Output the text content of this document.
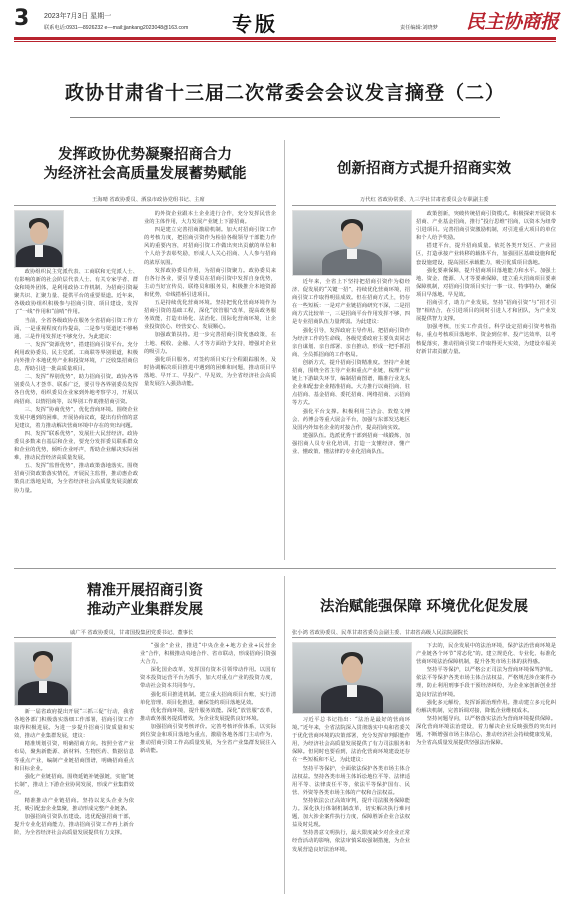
3 2023年7月3日 星期一
联系电话:0931—8926232 e—mail:jjankang2023048@163.com 专版	责任编辑:刘晓梦 民主协商报
政协甘肃省十三届二次常委会会议发言摘登（二）
发挥政协优势凝聚招商合力
为经济社会高质量发展蓄势赋能
王海晴 省政协委员、酒泉市政协党组书记、主席
政协组织民主党派代表、工商联和无党派人士、有影响的新的社会阶层代表人士、有关专家学者、群众和境外团体，是利用政协工作机制、为招商引资凝聚共识、汇聚力量、提供平台的重要渠道。近年来，各级政协组织积极参与招商引资、项目建设，发挥了“一线”作用和“前哨”作用。
当前，全省各级政协在服务全省招商引资工作方面，一是重视程度有待提高，二是参与渠道还不够畅通，三是作用发挥还不够充分。为此建议：
一、发挥“资源优势”，搭建招商引资平台。充分利用政协委员、民主党派、工商联等界别渠道，积极向外推介本地优势产业和投资环境，广泛收集招商信息，帮助引进一批高质量项目。
二、发挥“界别优势”，助力招商引资。政协各界别委员人才荟萃、联系广泛，要引导各界别委员发挥各自优势，组织委员企业家到外地考察学习，开展以商招商、以情招商等，以界别工作助推招商引资。
三、发挥“协商优势”，优化营商环境。围绕企业发展中遇到的困难，开展协商议政，提出有价值的意见建议，着力推动解决营商环境中存在的突出问题。
四、发挥“联系优势”，发展壮大民营经济。政协委员多数来自基层和企业，要充分发挥委员联系群众和企业的优势，倾听企业呼声，帮助企业解决实际困难，推动民营经济高质量发展。
五、发挥“监督优势”，推动政策落地落实。围绕招商引资政策落实情况，开展民主监督，推动惠企政策真正落地见效，为全省经济社会高质量发展贡献政协力量。
的外资企业跟本土企业进行合作，充分发挥民营企业的主体作用，大力发展产业链上下游招商。
四是建立完善招商激励机制。加大对招商引资工作的考核力度，把招商引资作为检验各级领导干部能力作风的重要内容，对招商引资工作做出突出贡献的单位和个人给予表彰奖励，形成人人关心招商、人人参与招商的浓厚氛围。
发挥政协委员作用，为招商引资聚力。政协委员来自各行各业，要引导委员在招商引资中发挥自身优势，主动当好宣传员、联络员和服务员，积极推介本地资源和优势，牵线搭桥引进项目。
五是持续优化营商环境。坚持把优化营商环境作为招商引资的基础工程，深化“放管服”改革，提高政务服务效能，打造市场化、法治化、国际化营商环境，让企业投资放心、经营安心、发展顺心。
加强政策扶持。进一步完善招商引资优惠政策，在土地、税收、金融、人才等方面给予支持，增强对企业的吸引力。
强化项目服务。对签约项目实行全程跟踪服务，及时协调解决项目推进中遇到的困难和问题，推动项目早落地、早开工、早投产、早见效，为全省经济社会高质量发展注入强劲动能。
创新招商方式提升招商实效
万代红 省政协常委、九三学社甘肃省委员会专职副主委
近年来，全省上下坚持把招商引资作为稳经济、促发展的“关键一招”，持续优化营商环境，招商引资工作取得明显成效。但在招商方式上，仍存在一些短板：一是对产业链招商研究不深，二是招商方式比较单一，三是招商平台作用发挥不够，四是专业招商队伍力量薄弱。为此建议：
强化引导，发挥政府主导作用。把招商引资作为经济工作的生命线，各级党委政府主要负责同志亲自谋划、亲自部署、亲自推动，形成一把手抓招商、全员抓招商的工作格局。
创新方式，提升招商引资精准度。坚持产业链招商，围绕全省主导产业和重点产业链，梳理产业链上下游缺失环节，编制招商图谱，瞄准行业龙头企业和配套企业精准招商。大力推行以商招商、驻点招商、基金招商、委托招商、网络招商、云招商等方式。
强化平台支撑。积极利用兰洽会、敦煌文博会、药博会等重大展会平台，加强与东部发达地区及国内外知名企业的对接合作，提高招商实效。
建强队伍。选派优秀干部到招商一线锻炼，加强招商人员专业化培训，打造一支懂经济、懂产业、懂政策、懂法律的专业化招商队伍。
政策创新，突破传统招商引资模式。积极探索开展资本招商、产业基金招商，推行“投行思维”招商，以资本为纽带引进项目。完善招商引资激励机制，对引进重大项目的单位和个人给予奖励。
搭建平台，提升招商质量。依托各类开发区、产业园区，打造承接产业转移的载体平台，加强园区基础设施和配套设施建设，提高园区承载能力，吸引优质项目落地。
强化要素保障，提升招商项目落地能力和水平。加强土地、资金、能源、人才等要素保障，建立重大招商项目要素保障机制，对招商引资项目实行一事一议、特事特办，确保项目早落地、早见效。
招商引才，助力产业发展。坚持“招商引资”与“招才引智”相结合，在引进项目的同时引进人才和团队，为产业发展提供智力支撑。
加强考核，压实工作责任。科学设定招商引资考核指标，重点考核项目落地率、资金到位率、投产达效率，以考核促落实，推动招商引资工作取得更大实效，为建设幸福美好新甘肃贡献力量。
精准开展招商引资
推动产业集群发展
戚广平 省政协委员，甘肃国投集团党委书记、董事长
新一届省政府提出开展“三抓三促”行动，我省各地各部门积极落实落细工作部署，招商引资工作取得积极进展。为进一步提升招商引资质量和实效，推动产业集群发展，建议：
精准规划引资，明确招商方向。按照全省产业布局，聚焦新能源、新材料、生物医药、数据信息等重点产业，编制产业链招商图谱，明确招商重点和目标企业。
强化产业链招商。围绕延链补链强链，实施“链长制”，推动上下游企业协同发展，形成产业集群效应。
精准推动产业链招商。坚持以龙头企业为依托，吸引配套企业集聚，推动形成完整产业链条。
加强招商引资队伍建设。选优配强招商干部，提升专业化招商能力，推动招商引资工作再上新台阶，为全省经济社会高质量发展提供有力支撑。
“强企”企业，推进“中央企业+地方企业+民营企业”合作，积极推动央地合作、省市联动，形成招商引资强大合力。
深化国企改革，发挥国有资本引领带动作用。以国有资本投资运营平台为抓手，加大对重点产业的投资力度，带动社会资本共同参与。
强化项目推进机制。建立重大招商项目台账，实行清单化管理、项目化推进，确保签约项目落地见效。
优化营商环境，提升服务效能。深化“放管服”改革，推动政务服务提质增效，为企业发展提供良好环境。
加强招商引资考核评价。完善考核评价体系，以实际到位资金和项目落地为重点，激励各地各部门主动作为，推动招商引资工作高质量发展，为全省产业集群发展注入新动能。
法治赋能强保障 环境优化促发展
张小鸿 省政协委员、民革甘肃省委员会副主委、甘肃省高级人民法院副院长
习近平总书记指出：“法治是最好的营商环境。”近年来，全省法院深入贯彻落实中央和省委关于优化营商环境的决策部署，充分发挥审判职能作用，为经济社会高质量发展提供了有力司法服务和保障。但同时也要看到，法治化营商环境建设还存在一些短板和不足。为此建议：
坚持平等保护，全面依法保护各类市场主体合法权益。坚持各类市场主体诉讼地位平等、法律适用平等、法律责任平等，依法平等保护国有、民营、外资等各类市场主体的产权和合法权益。
坚持依法公正高效审判，提升司法服务保障能力。深化执行体制机制改革，切实解决执行难问题，加大涉企案件执行力度，保障胜诉企业合法权益及时兑现。
坚持善意文明执行，最大限度减少对企业正常经营活动的影响，依法审慎采取强制措施，为企业发展营造良好法治环境。
下去的，民企发展中的法治环境，保护法治营商环境是产业链各个环节“常态化”的。建立规范化、专业化、标准化营商环境法治保障机制，提升各类市场主体的获得感。
坚持平等保护，以严格公正司法为营商环境保驾护航。依法平等保护各类市场主体合法权益，严格规范涉企案件办理，防止利用刑事手段干预经济纠纷，为企业家创新创业营造良好法治环境。
强化多元解纷，发挥诉源治理作用。推动建立多元化纠纷解决机制，完善诉调对接，降低企业维权成本。
坚持问题导向，以严格落实法治为营商环境提供保障。深化营商环境法治建设，着力解决企业反映强烈的突出问题，不断增强市场主体信心，推动经济社会持续健康发展，为全省高质量发展提供坚强法治保障。
